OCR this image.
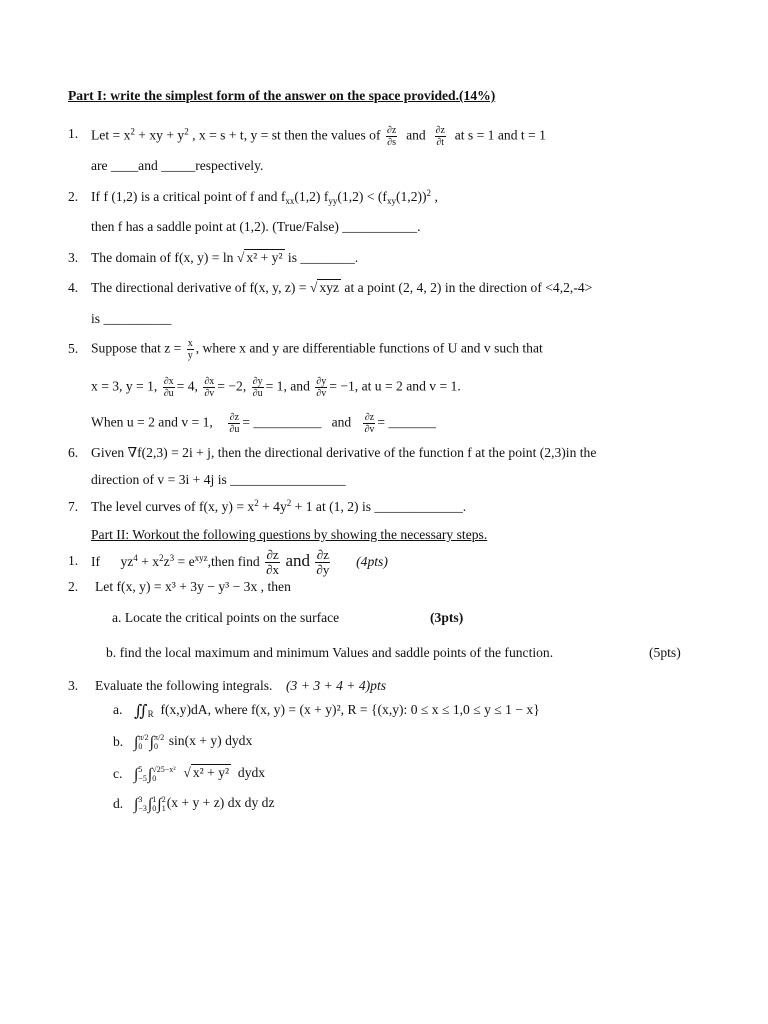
Part I: write the simplest form of the answer on the space provided.(14%)
1. Let = $x^2$ + xy + $y^2$ , x = s + t, y = st then the values of $\frac{\partial z}{\partial s}$ and $\frac{\partial z}{\partial t}$ at s = 1 and t = 1
are ____and _____respectively.
2. If f (1,2) is a critical point of f and $f_{xx}(1,2) f_{yy}(1,2) < (f_{xy}(1,2))^2$ ,
then f has a saddle point at (1,2). (True/False) ___________.
3. The domain of f(x, y) = ln √ x² + y² is ________.
4. The directional derivative of f(x, y, z) = √ xyz at a point (2, 4, 2) in the direction of <4,2,-4>
is __________
5. Suppose that $z = \frac{x}{y}$ , where x and y are differentiable functions of U and v such that
x = 3, y = 1, $\frac{\partial x}{\partial u} = 4$, $\frac{\partial x}{\partial v} = -2$, $\frac{\partial y}{\partial u} = 1$, and $\frac{\partial y}{\partial v} = -1$, at u = 2 and v = 1.
When u = 2 and v = 1, $\frac{\partial z}{\partial u}$ = __________ and $\frac{\partial z}{\partial v}$ = _______
6. Given ∇f(2,3) = 2i + j, then the directional derivative of the function f at the point (2,3)in the
direction of v = 3i + 4j is _________________
7. The level curves of f(x, $y) = x^2 + 4y^2 + 1$ at (1, 2) is _____________.
Part II: Workout the following questions by showing the necessary steps.
1. If $yz^4 + x^2z^3$ = $e^{xyz},then$ find $\frac{\partial z}{\partial x}$ and $\frac{\partial z}{\partial y} (4pts)$
2. Let f(x, y) = x³ + 3y − y³ − 3x , then
a. Locate the critical points on the surface	(3pts)
b. find the local maximum and minimum Values and saddle points of the function.	(5pts)
3. Evaluate the following integrals. (3 + 3 + 4 + 4)pts
a. $∬_R$ f(x,y)dA, where f(x, y) = (x + y)², R = {(x,y): 0 ≤ x ≤ 1,0 ≤ y ≤ 1 − x}
b. ∫ π/2
0 ∫ π/2
0 sin(x + y) dydx
c. ∫ 5
−5 ∫ √25−x²
0	√ x² + y² dydx
d. ∫ 3
−3 ∫ 1
0 ∫ 2
1 (x + y + z) dx dy dz
